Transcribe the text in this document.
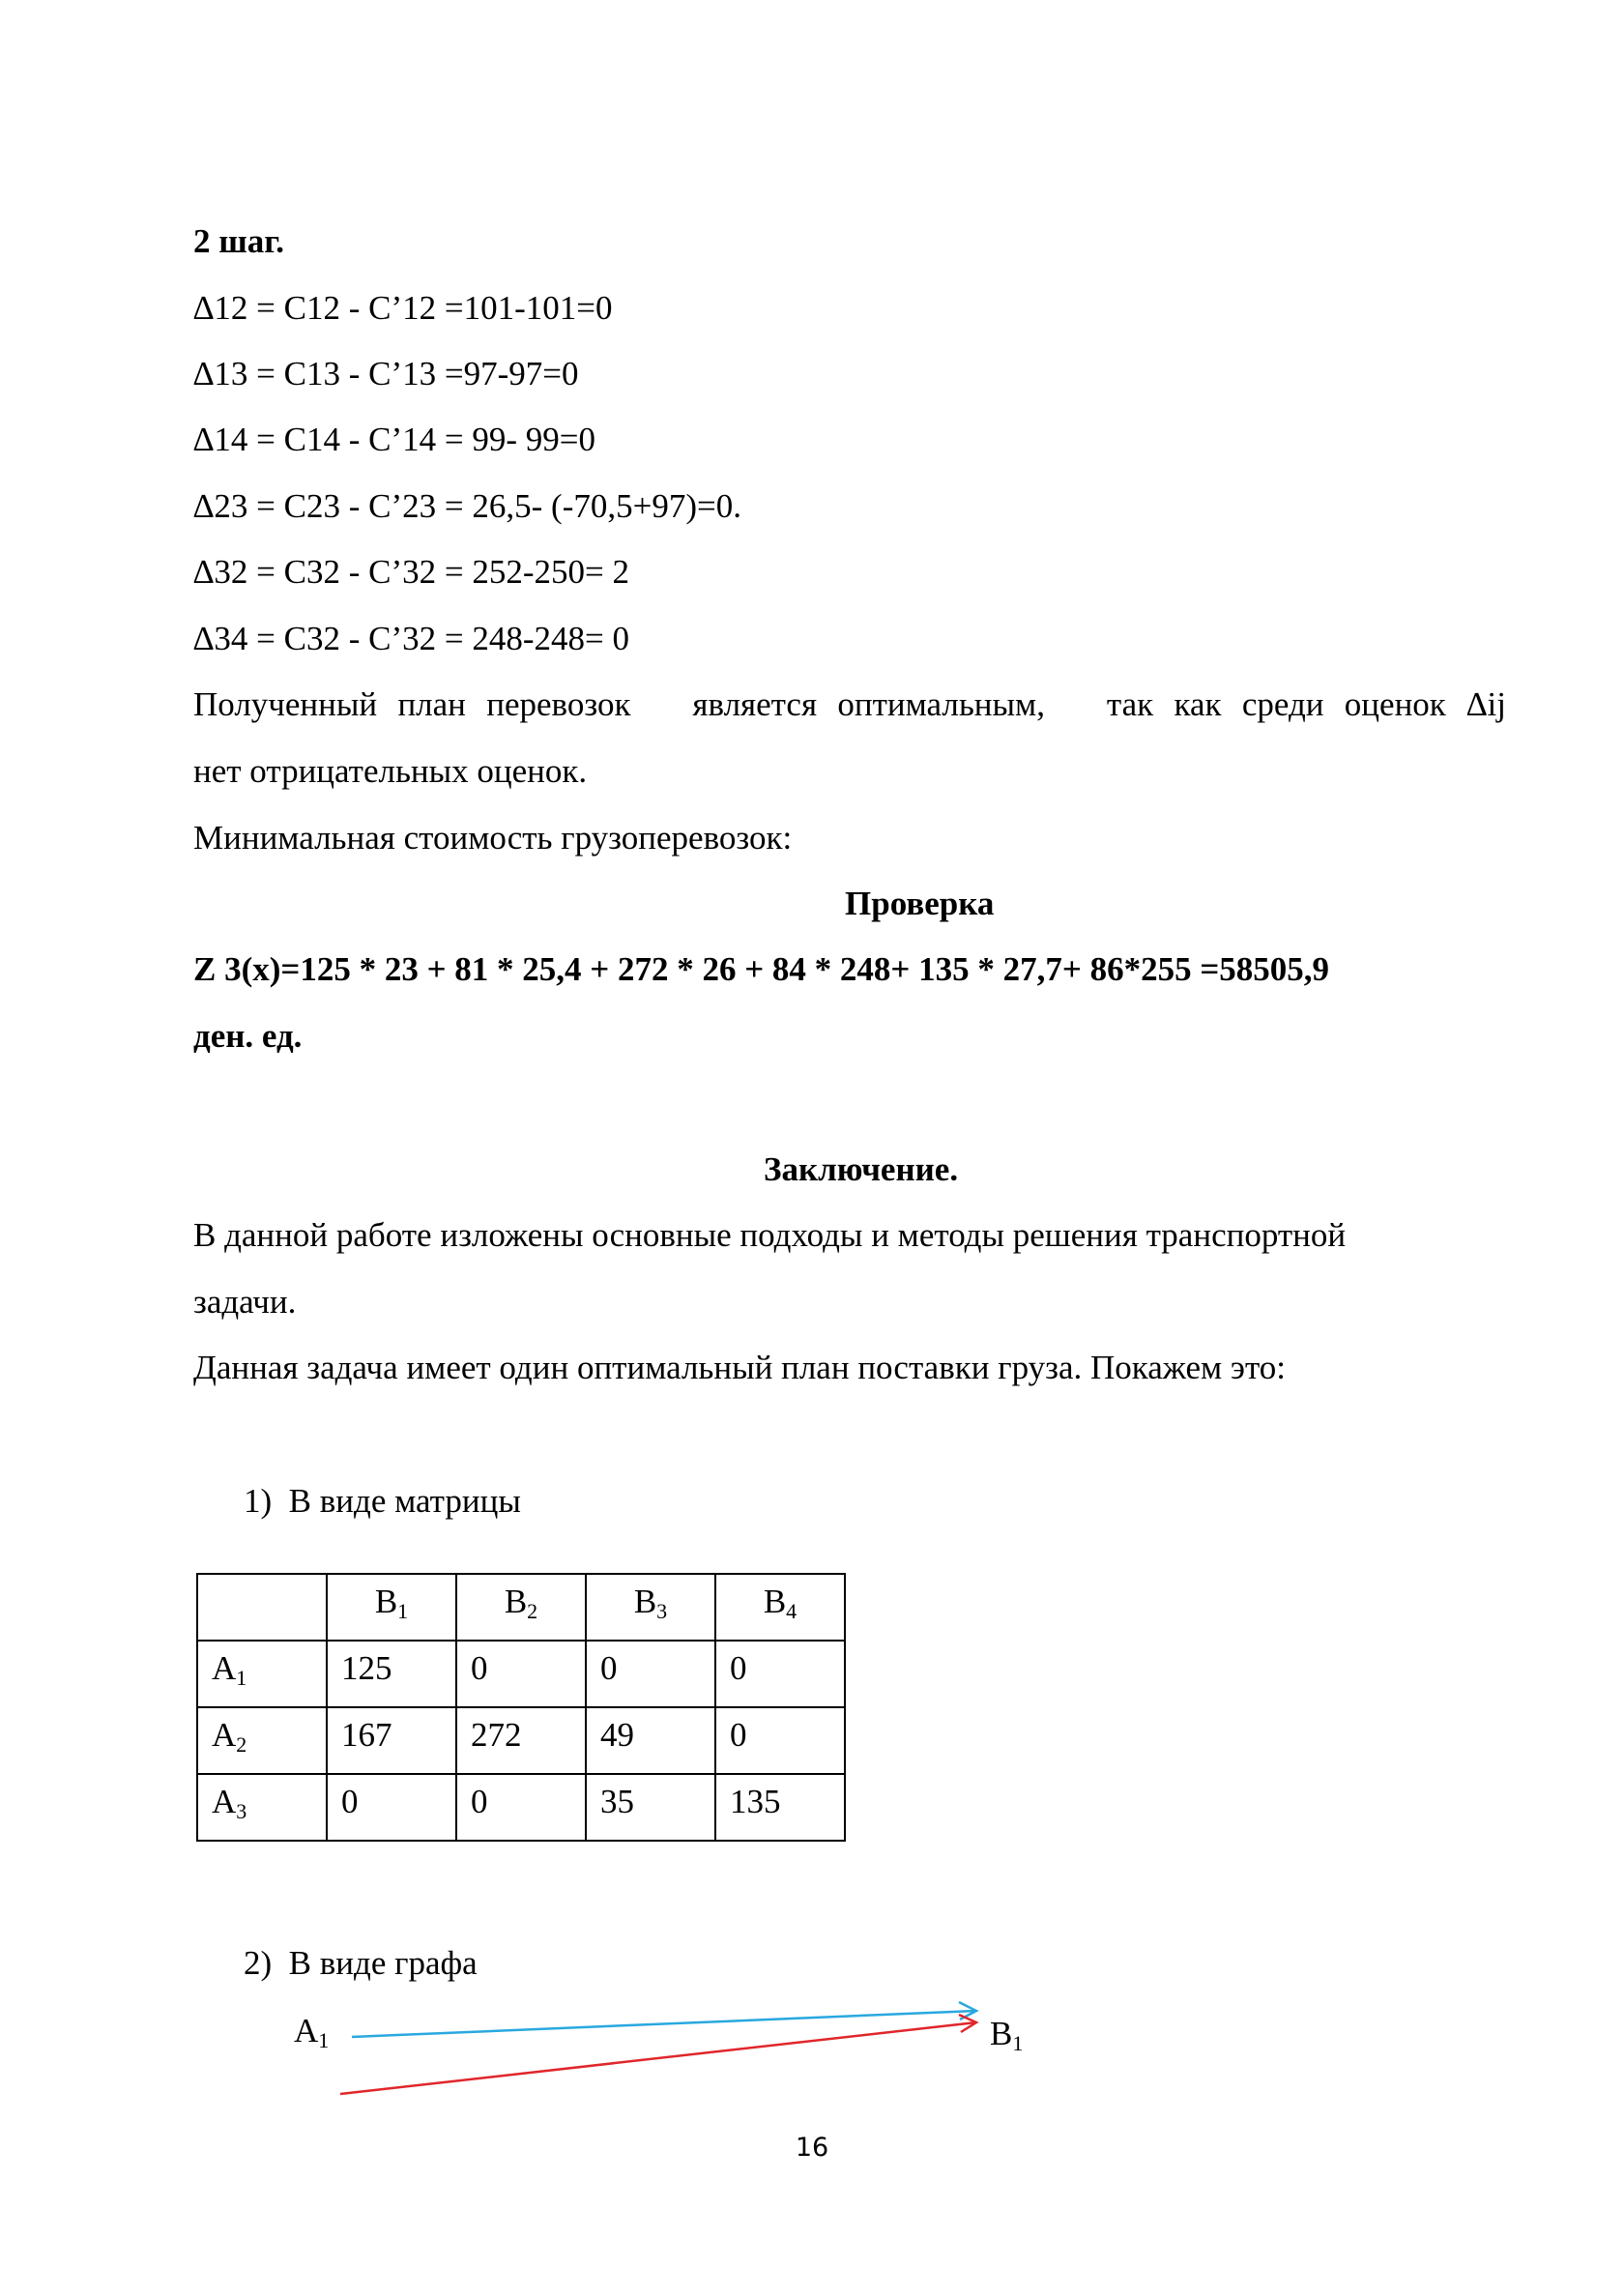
2 шаг.
∆12 = C12 - C’12 =101-101=0
∆13 = C13 - C’13 =97-97=0
∆14 = C14 - C’14 = 99- 99=0
∆23 = C23 - C’23 = 26,5- (-70,5+97)=0.
∆32 = C32 - C’32 = 252-250= 2
∆34 = C32 - C’32 = 248-248= 0
Полученный план перевозок   является оптимальным,   так как среди оценок ∆ij
нет отрицательных оценок.
Минимальная стоимость грузоперевозок:
Проверка
Z 3(x)=125 * 23 + 81 * 25,4 + 272 * 26 + 84 * 248+ 135 * 27,7+ 86*255 =58505,9
ден. ед.
Заключение.
В данной работе изложены основные подходы и методы решения транспортной
задачи.
Данная задача имеет один оптимальный план поставки груза. Покажем это:
1)  В виде матрицы
	$B_1$	$B_2$	$B_3$	$B_4$
$A_1$	125	0	0	0
$A_2$	167	272	49	0
$A_3$	0	0	35	135
2)  В виде графа
$A_1$	$B_1$
16
